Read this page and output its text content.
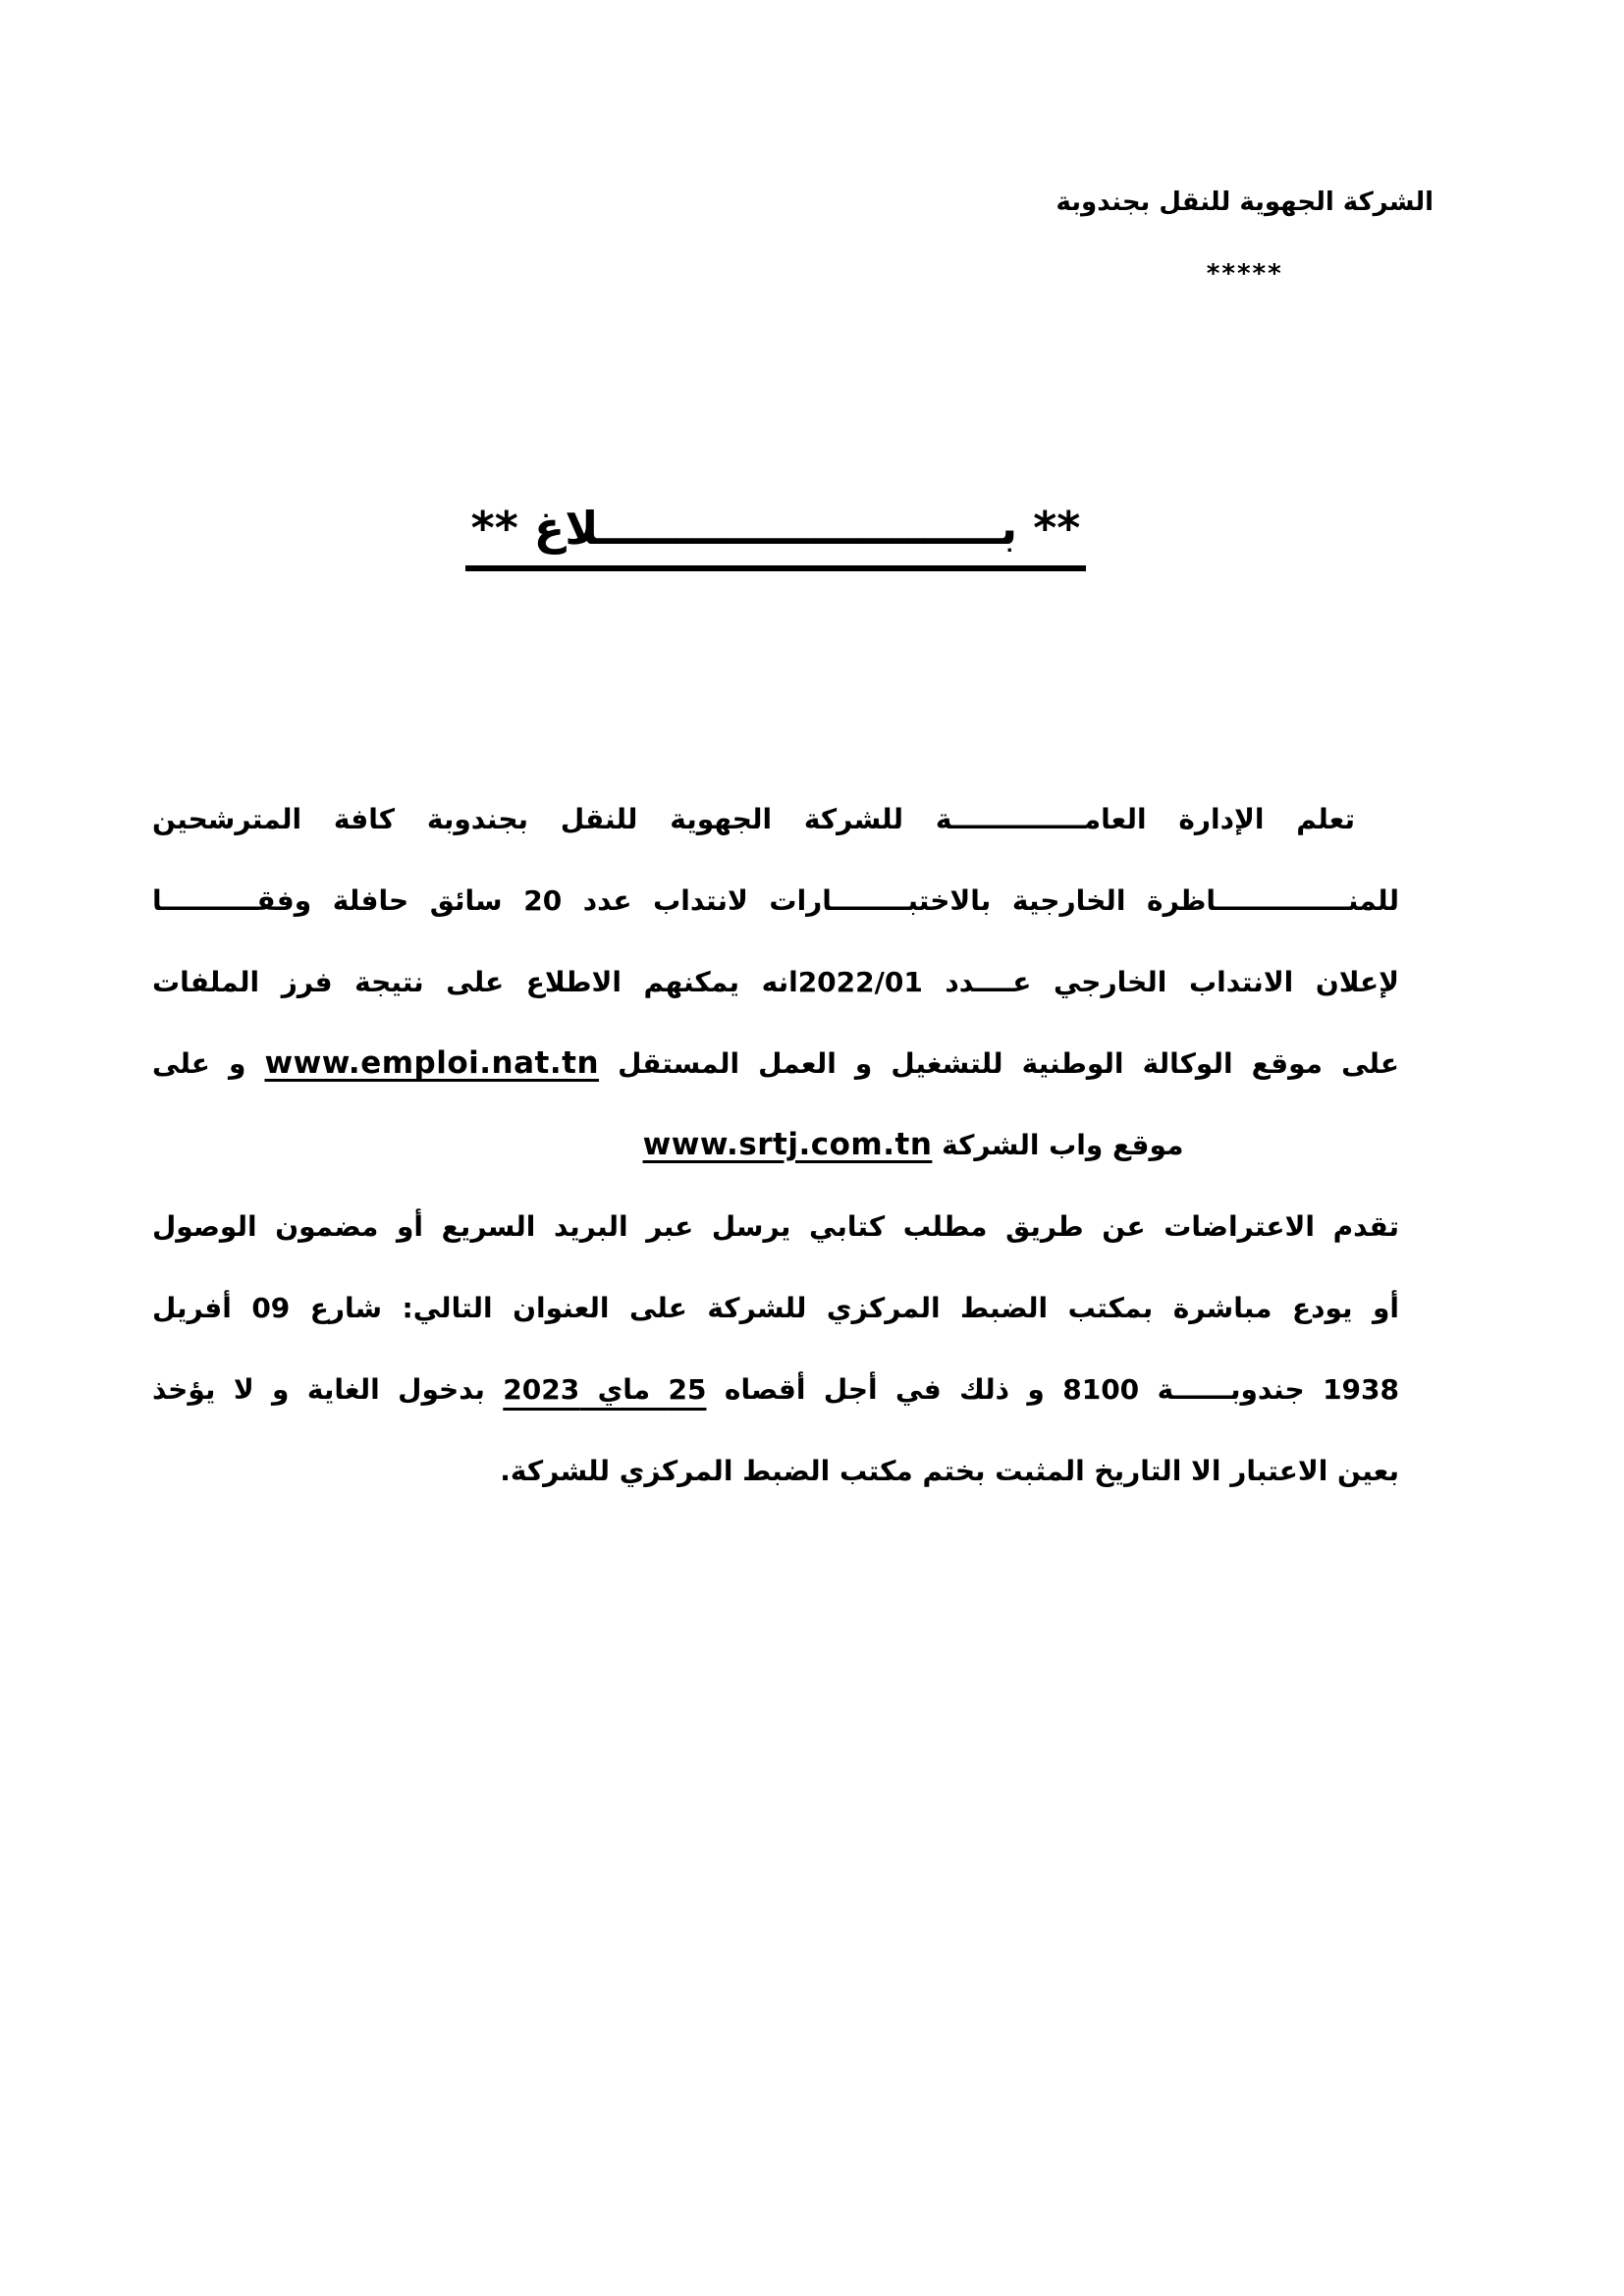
الشركة الجهوية للنقل بجندوبة
*****
** بــــــــــــــــــــــــــلاغ **
تعلم الإدارة العامــــــــــــــة للشركة الجهوية للنقل بجندوبة كافة المترشحين
للمنــــــــــــــاظرة الخارجية بالاختبــــــــارات لانتداب عدد 20 سائق حافلة وفقــــــــــا
لإعلان الانتداب الخارجي عــــدد 2022/01انه يمكنهم الاطلاع على نتيجة فرز الملفات
على موقع الوكالة الوطنية للتشغيل و العمل المستقل www.emploi.nat.tn و على
موقع واب الشركة www.srtj.com.tn
تقدم الاعتراضات عن طريق مطلب كتابي يرسل عبر البريد السريع أو مضمون الوصول
أو يودع مباشرة بمكتب الضبط المركزي للشركة على العنوان التالي: شارع 09 أفريل
1938 جندوبــــــة 8100 و ذلك في أجل أقصاه 25 ماي 2023 بدخول الغاية و لا يؤخذ
بعين الاعتبار الا التاريخ المثبت بختم مكتب الضبط المركزي للشركة.
